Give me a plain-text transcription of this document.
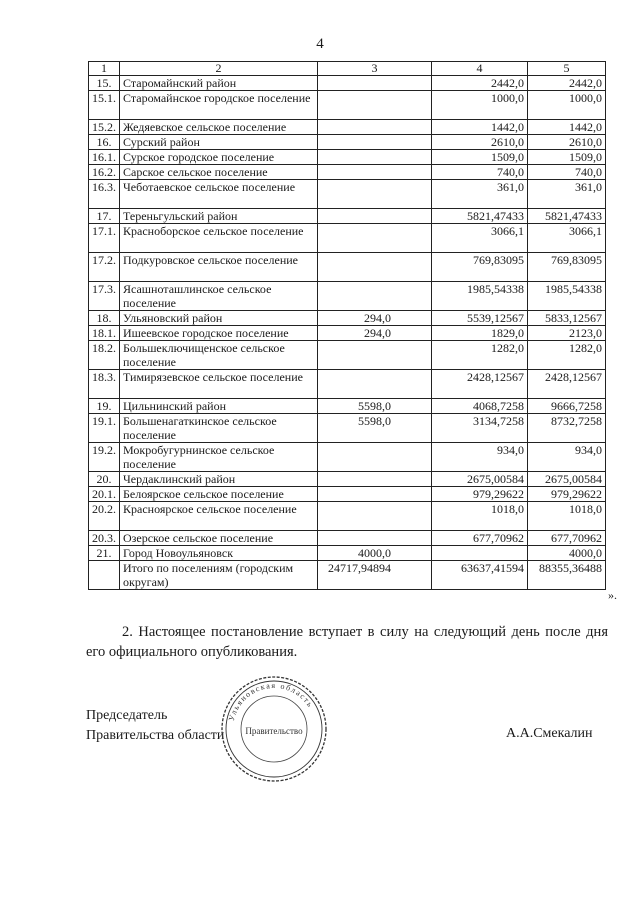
4
1	2	3	4	5
15.	Старомайнский район		2442,0	2442,0
15.1.	Старомайнское городское поселение		1000,0	1000,0
15.2.	Жедяевское сельское поселение		1442,0	1442,0
16.	Сурский район		2610,0	2610,0
16.1.	Сурское городское поселение		1509,0	1509,0
16.2.	Сарское сельское поселение		740,0	740,0
16.3.	Чеботаевское сельское поселение		361,0	361,0
17.	Тереньгульский район		5821,47433	5821,47433
17.1.	Красноборское сельское поселение		3066,1	3066,1
17.2.	Подкуровское сельское поселение		769,83095	769,83095
17.3.	Ясашноташлинское сельское поселение		1985,54338	1985,54338
18.	Ульяновский район	294,0	5539,12567	5833,12567
18.1.	Ишеевское городское поселение	294,0	1829,0	2123,0
18.2.	Большеключищенское сельское поселение		1282,0	1282,0
18.3.	Тимирязевское сельское поселение		2428,12567	2428,12567
19.	Цильнинский район	5598,0	4068,7258	9666,7258
19.1.	Большенагаткинское сельское поселение	5598,0	3134,7258	8732,7258
19.2.	Мокробугурнинское сельское поселение		934,0	934,0
20.	Чердаклинский район		2675,00584	2675,00584
20.1.	Белоярское сельское поселение		979,29622	979,29622
20.2.	Красноярское сельское поселение		1018,0	1018,0
20.3.	Озерское сельское поселение		677,70962	677,70962
21.	Город Новоульяновск	4000,0		4000,0
	Итого по поселениям (городским округам)	24717,94894	63637,41594	88355,36488
».
2. Настоящее постановление вступает в силу на следующий день после дня его официального опубликования.
Председатель
Правительства области	А.А.Смекалин
Ульяновская область
Правительство
